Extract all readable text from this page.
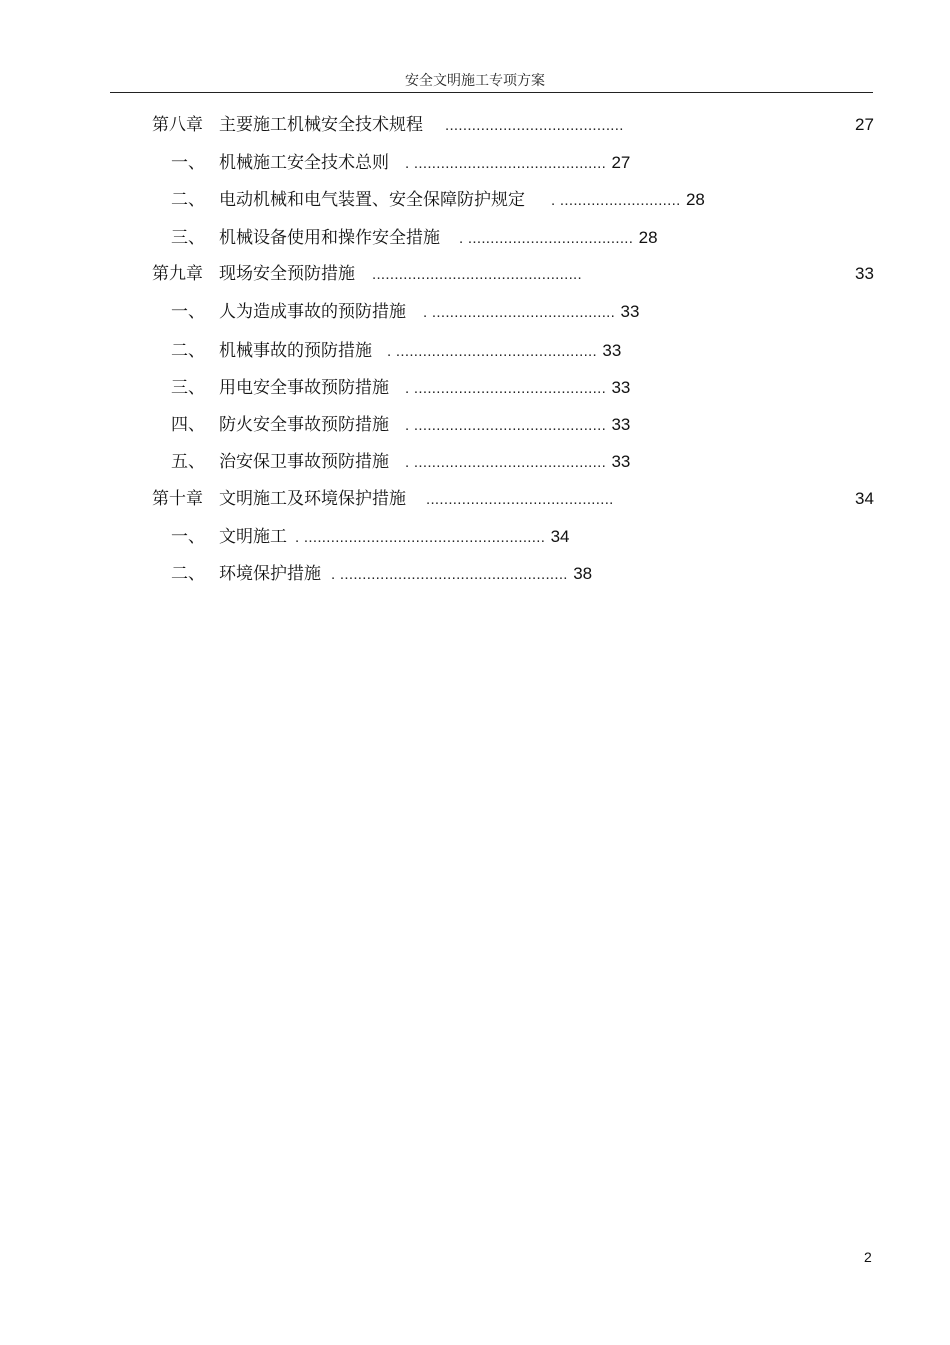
安全文明施工专项方案
第八章 主要施工机械安全技术规程 ........................................	27
一、 机械施工安全技术总则 . ........................................... 27
二、 电动机械和电气装置、安全保障防护规定 . ........................... 28
三、 机械设备使用和操作安全措施 . ..................................... 28
第九章 现场安全预防措施 ...............................................	33
一、 人为造成事故的预防措施 . ......................................... 33
二、 机械事故的预防措施 . ............................................. 33
三、 用电安全事故预防措施 . ........................................... 33
四、 防火安全事故预防措施 . ........................................... 33
五、 治安保卫事故预防措施 . ........................................... 33
第十章 文明施工及环境保护措施 ..........................................	34
一、 文明施工 . ...................................................... 34
二、 环境保护措施 . ................................................... 38
2
